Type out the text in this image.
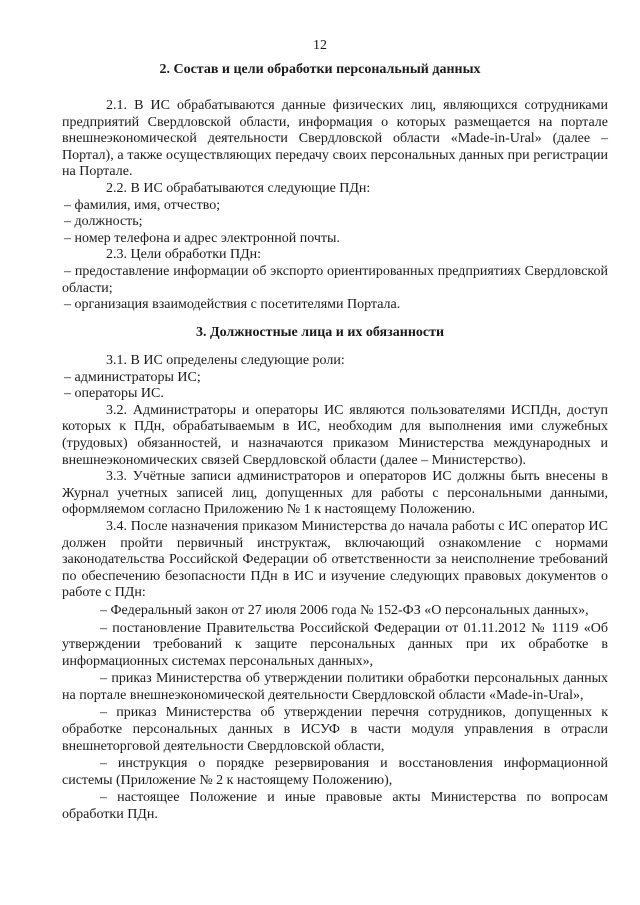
12
2. Состав и цели обработки персональный данных

2.1. В ИС обрабатываются данные физических лиц, являющихся сотрудниками предприятий Свердловской области, информация о которых размещается на портале внешнеэкономической деятельности Свердловской области «Made-in-Ural» (далее – Портал), а также осуществляющих передачу своих персональных данных при регистрации на Портале.

2.2. В ИС обрабатываются следующие ПДн:

– фамилия, имя, отчество;

– должность;

– номер телефона и адрес электронной почты.

2.3. Цели обработки ПДн:

– предоставление информации об экспорто ориентированных предприятиях Свердловской области;

– организация взаимодействия с посетителями Портала.

3. Должностные лица и их обязанности

3.1. В ИС определены следующие роли:

– администраторы ИС;

– операторы ИС.

3.2. Администраторы и операторы ИС являются пользователями ИСПДн, доступ которых к ПДн, обрабатываемым в ИС, необходим для выполнения ими служебных (трудовых) обязанностей, и назначаются приказом Министерства международных и внешнеэкономических связей Свердловской области (далее – Министерство).

3.3. Учётные записи администраторов и операторов ИС должны быть внесены в Журнал учетных записей лиц, допущенных для работы с персональными данными, оформляемом согласно Приложению № 1 к настоящему Положению.

3.4. После назначения приказом Министерства до начала работы с ИС оператор ИС должен пройти первичный инструктаж, включающий ознакомление с нормами законодательства Российской Федерации об ответственности за неисполнение требований по обеспечению безопасности ПДн в ИС и изучение следующих правовых документов о работе с ПДн:

– Федеральный закон от 27 июля 2006 года № 152-ФЗ «О персональных данных»,

– постановление Правительства Российской Федерации от 01.11.2012 № 1119 «Об утверждении требований к защите персональных данных при их обработке в информационных системах персональных данных»,

– приказ Министерства об утверждении политики обработки персональных данных на портале внешнеэкономической деятельности Свердловской области «Made-in-Ural»,

– приказ Министерства об утверждении перечня сотрудников, допущенных к обработке персональных данных в ИСУФ в части модуля управления в отрасли внешнеторговой деятельности Свердловской области,

– инструкция о порядке резервирования и восстановления информационной системы (Приложение № 2 к настоящему Положению),

– настоящее Положение и иные правовые акты Министерства по вопросам обработки ПДн.
